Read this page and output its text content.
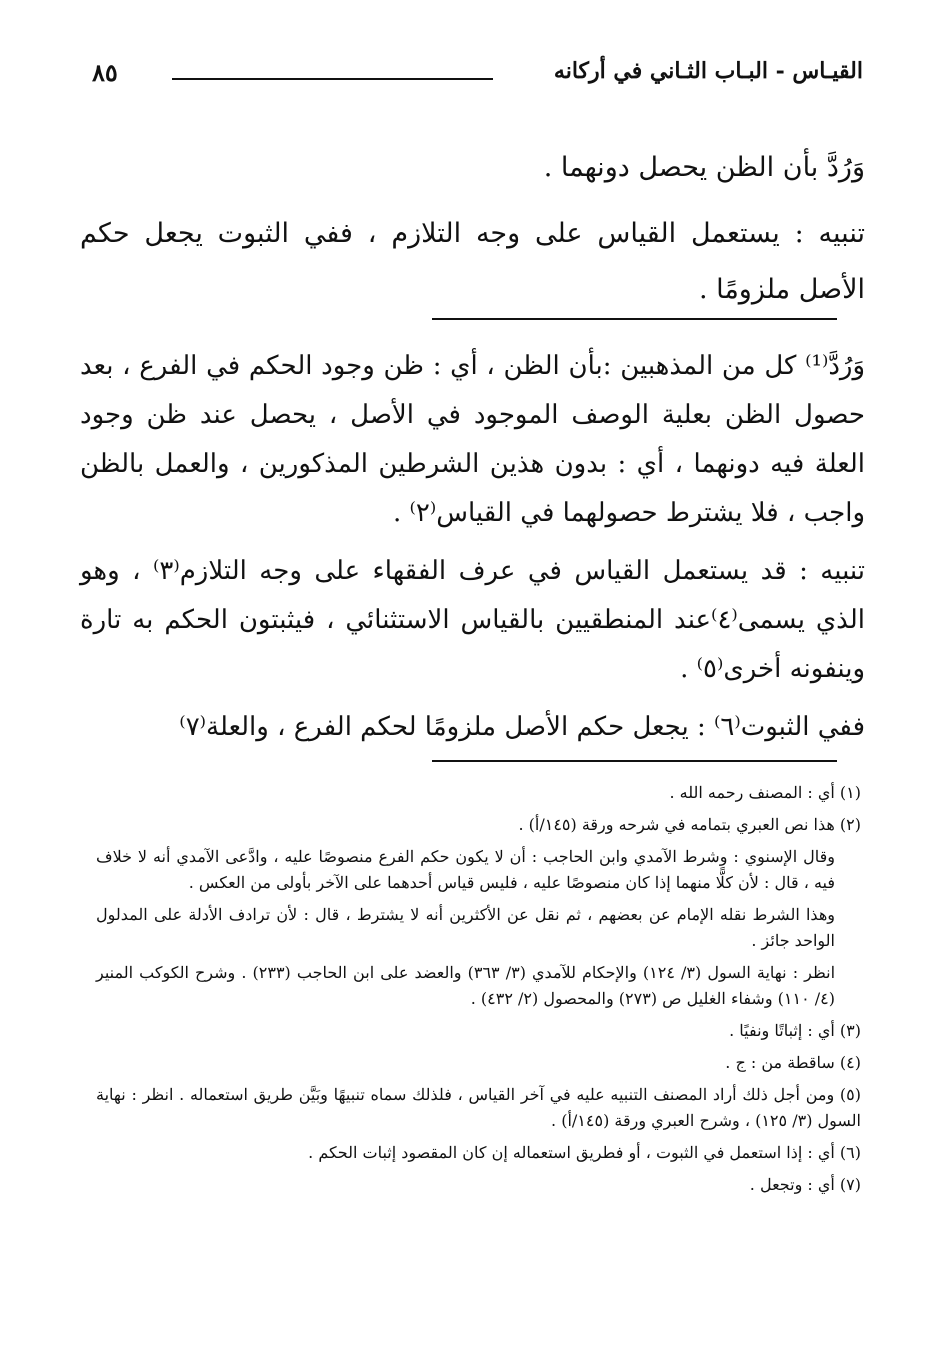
القيـاس - البـاب الثـاني في أركانه
٨٥

وَرُدَّ بأن الظن يحصل دونهما .

تنبيه : يستعمل القياس على وجه التلازم ، ففي الثبوت يجعل حكم الأصل ملزومًا .

وَرُدَّ⁽¹⁾ كل من المذهبين :بأن الظن ، أي : ظن وجود الحكم في الفرع ، بعد حصول الظن بعلية الوصف الموجود في الأصل ، يحصل عند ظن وجود العلة فيه دونهما ، أي : بدون هذين الشرطين المذكورين ، والعمل بالظن واجب ، فلا يشترط حصولهما في القياس⁽٢⁾ .

تنبيه : قد يستعمل القياس في عرف الفقهاء على وجه التلازم⁽٣⁾ ، وهو الذي يسمى⁽٤⁾عند المنطقيين بالقياس الاستثنائي ، فيثبتون الحكم به تارة وينفونه أخرى⁽٥⁾ .

ففي الثبوت⁽٦⁾ : يجعل حكم الأصل ملزومًا لحكم الفرع ، والعلة⁽٧⁾

(١) أي : المصنف رحمه الله .

(٢) هذا نص العبري بتمامه في شرحه ورقة (١٤٥/أ) .

وقال الإسنوي : وشرط الآمدي وابن الحاجب : أن لا يكون حكم الفرع منصوصًا عليه ، وادَّعى الآمدي أنه لا خلاف فيه ، قال : لأن كلًّا منهما إذا كان منصوصًا عليه ، فليس قياس أحدهما على الآخر بأولى من العكس .

وهذا الشرط نقله الإمام عن بعضهم ، ثم نقل عن الأكثرين أنه لا يشترط ، قال : لأن ترادف الأدلة على المدلول الواحد جائز .

انظر : نهاية السول (٣/ ١٢٤) والإحكام للآمدي (٣/ ٣٦٣) والعضد على ابن الحاجب (٢٣٣) . وشرح الكوكب المنير (٤/ ١١٠) وشفاء الغليل ص (٢٧٣) والمحصول (٢/ ٤٣٢) .

(٣) أي : إثباتًا ونفيًا .

(٤) ساقطة من : ج .

(٥) ومن أجل ذلك أراد المصنف التنبيه عليه في آخر القياس ، فلذلك سماه تنبيهًا وبَيَّن طريق استعماله . انظر : نهاية السول (٣/ ١٢٥) ، وشرح العبري ورقة (١٤٥/أ) .

(٦) أي : إذا استعمل في الثبوت ، أو فطريق استعماله إن كان المقصود إثبات الحكم .

(٧) أي : وتجعل .
